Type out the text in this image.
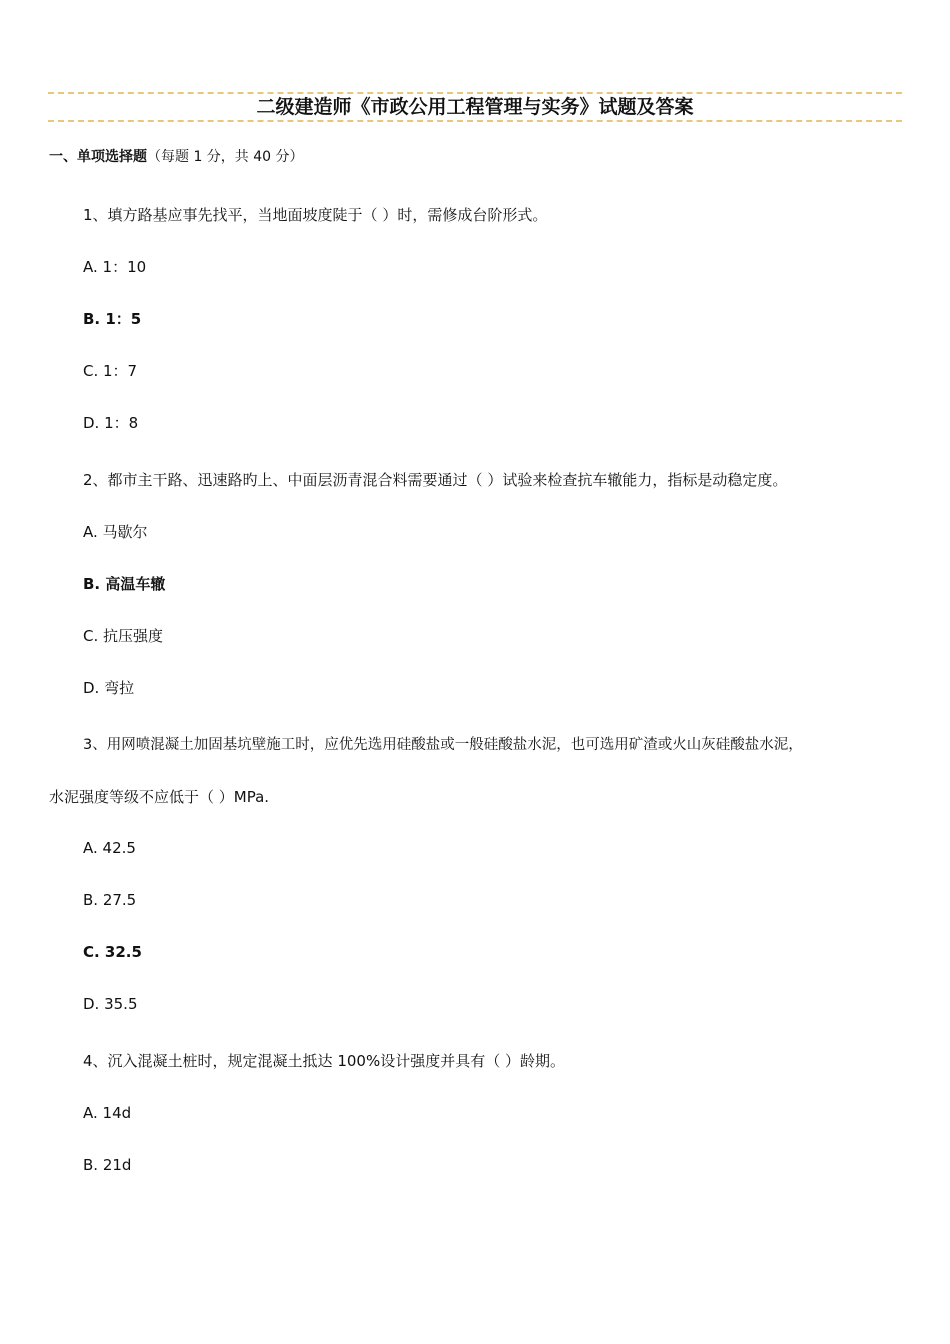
二级建造师《市政公用工程管理与实务》试题及答案
一、单项选择题（每题 1 分，共 40 分）
1、填方路基应事先找平，当地面坡度陡于（ ）时，需修成台阶形式。
A. 1：10
B. 1：5
C. 1：7
D. 1：8
2、都市主干路、迅速路旳上、中面层沥青混合料需要通过（ ）试验来检查抗车辙能力，指标是动稳定度。
A. 马歇尔
B. 高温车辙
C. 抗压强度
D. 弯拉
3、用网喷混凝土加固基坑壁施工时，应优先选用硅酸盐或一般硅酸盐水泥，也可选用矿渣或火山灰硅酸盐水泥，
水泥强度等级不应低于（ ）MPa.
A. 42.5
B. 27.5
C. 32.5
D. 35.5
4、沉入混凝土桩时，规定混凝土抵达 100%设计强度并具有（ ）龄期。
A. 14d
B. 21d
